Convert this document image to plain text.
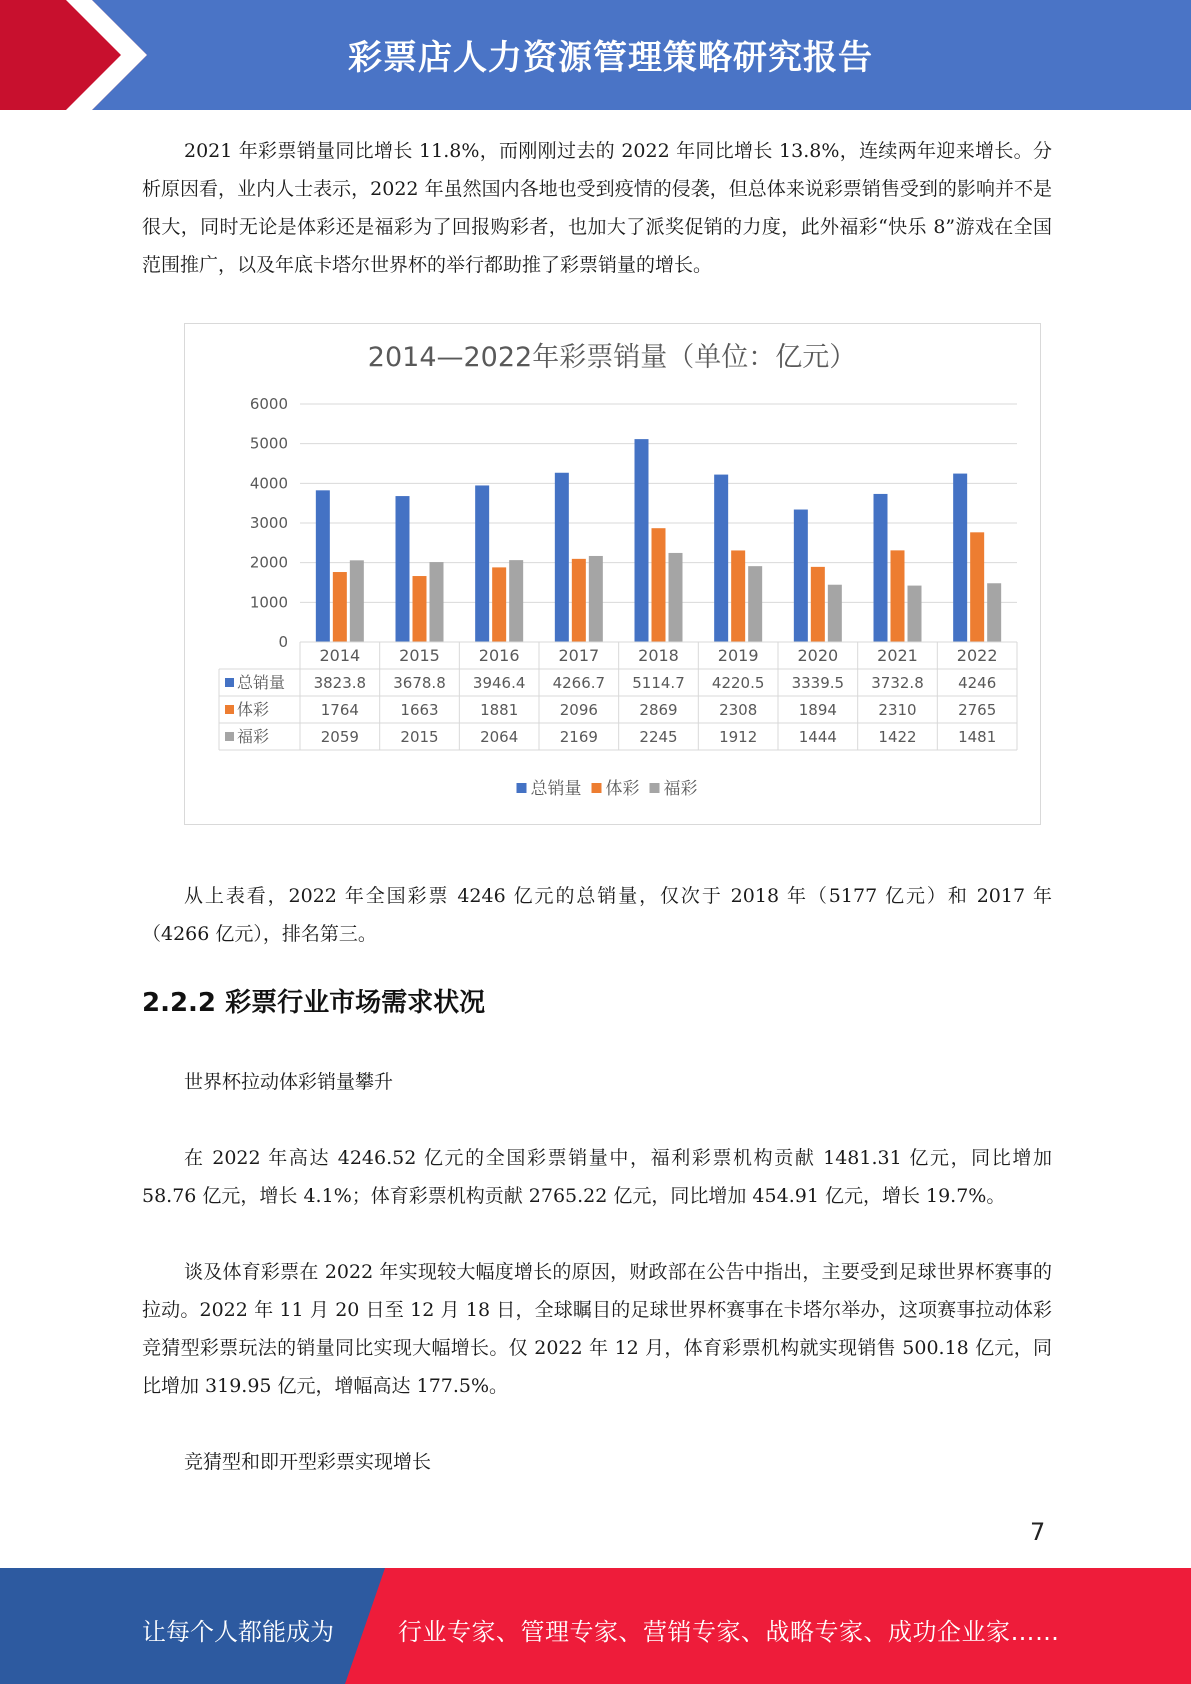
彩票店人力资源管理策略研究报告

2021 年彩票销量同比增长 11.8%，而刚刚过去的 2022 年同比增长 13.8%，连续两年迎来增长。分析原因看，业内人士表示，2022 年虽然国内各地也受到疫情的侵袭，但总体来说彩票销售受到的影响并不是很大，同时无论是体彩还是福彩为了回报购彩者，也加大了派奖促销的力度，此外福彩“快乐 8”游戏在全国范围推广，以及年底卡塔尔世界杯的举行都助推了彩票销量的增长。

2014—2022年彩票销量（单位：亿元）
0
1000
2000
3000
4000
5000
6000
2014 2015 2016 2017 2018 2019 2020 2021 2022
总销量 3823.8 3678.8 3946.4 4266.7 5114.7 4220.5 3339.5 3732.8 4246
体彩	1764	1663	1881	2096	2869	2308	1894	2310	2765
福彩	2059	2015	2064	2169	2245	1912	1444	1422	1481
总销量 体彩 福彩

从上表看，2022 年全国彩票 4246 亿元的总销量，仅次于 2018 年（5177 亿元）和 2017 年（4266 亿元），排名第三。

2.2.2 彩票行业市场需求状况

世界杯拉动体彩销量攀升

在 2022 年高达 4246.52 亿元的全国彩票销量中，福利彩票机构贡献 1481.31 亿元，同比增加 58.76 亿元，增长 4.1%；体育彩票机构贡献 2765.22 亿元，同比增加 454.91 亿元，增长 19.7%。

谈及体育彩票在 2022 年实现较大幅度增长的原因，财政部在公告中指出，主要受到足球世界杯赛事的拉动。2022 年 11 月 20 日至 12 月 18 日，全球瞩目的足球世界杯赛事在卡塔尔举办，这项赛事拉动体彩竞猜型彩票玩法的销量同比实现大幅增长。仅 2022 年 12 月，体育彩票机构就实现销售 500.18 亿元，同比增加 319.95 亿元，增幅高达 177.5%。

竞猜型和即开型彩票实现增长

7
让每个人都能成为	行业专家、管理专家、营销专家、战略专家、成功企业家……
